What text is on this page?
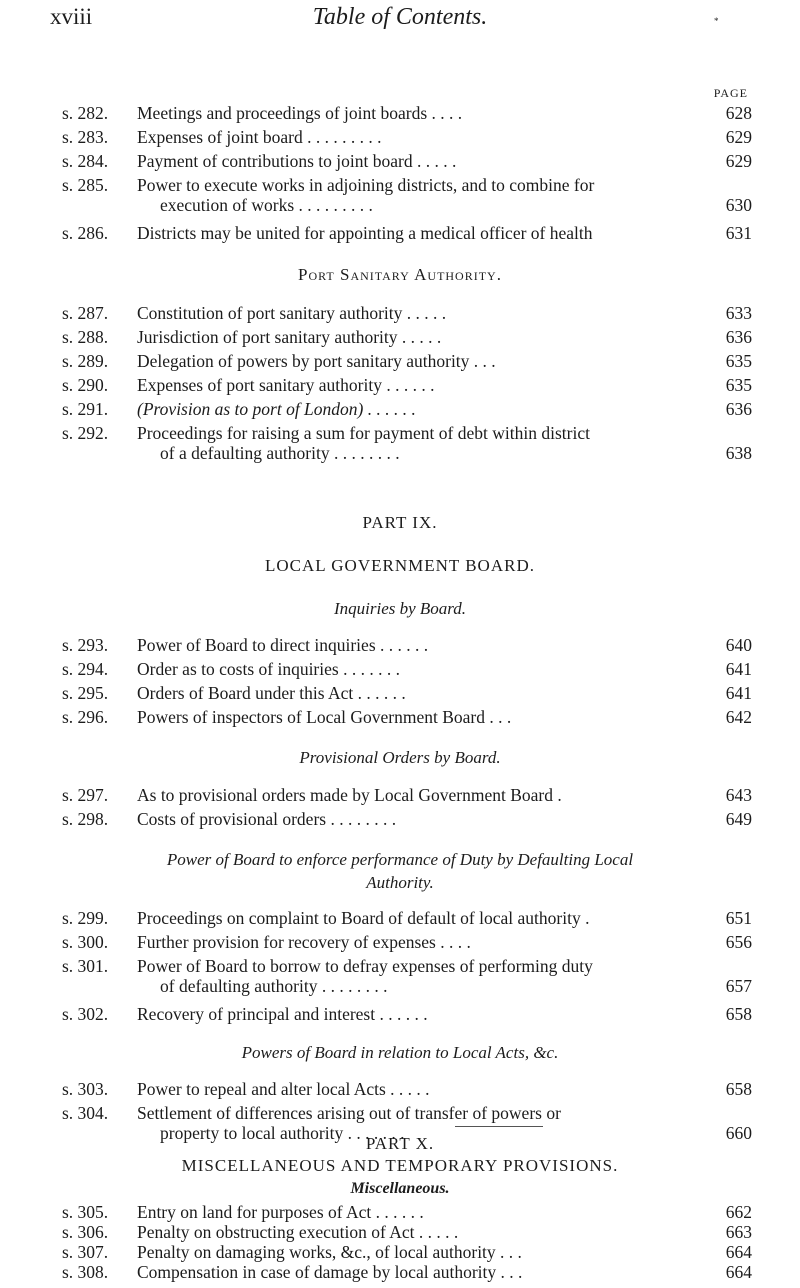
xviii	Table of Contents.	*
PAGE
s. 282. Meetings and proceedings of joint boards . . . .	628
s. 283. Expenses of joint board . . . . . . . . .	629
s. 284. Payment of contributions to joint board . . . . .	629
s. 285. Power to execute works in adjoining districts, and to combine for
execution of works . . . . . . . . .	630
s. 286. Districts may be united for appointing a medical officer of health	631
Port Sanitary Authority.
s. 287. Constitution of port sanitary authority . . . . .	633
s. 288. Jurisdiction of port sanitary authority . . . . .	636
s. 289. Delegation of powers by port sanitary authority . . .	635
s. 290. Expenses of port sanitary authority . . . . . .	635
s. 291. (Provision as to port of London) . . . . . .	636
s. 292. Proceedings for raising a sum for payment of debt within district
of a defaulting authority . . . . . . . .	638
PART IX.
LOCAL GOVERNMENT BOARD.
Inquiries by Board.
s. 293. Power of Board to direct inquiries . . . . . .	640
s. 294. Order as to costs of inquiries . . . . . . .	641
s. 295. Orders of Board under this Act . . . . . .	641
s. 296. Powers of inspectors of Local Government Board . . .	642
Provisional Orders by Board.
s. 297. As to provisional orders made by Local Government Board .	643
s. 298. Costs of provisional orders . . . . . . . .	649
Power of Board to enforce performance of Duty by Defaulting Local
Authority.
s. 299. Proceedings on complaint to Board of default of local authority .	651
s. 300. Further provision for recovery of expenses . . . .	656
s. 301. Power of Board to borrow to defray expenses of performing duty
of defaulting authority . . . . . . . .	657
s. 302. Recovery of principal and interest . . . . . .	658
Powers of Board in relation to Local Acts, &c.
s. 303. Power to repeal and alter local Acts . . . . .	658
s. 304. Settlement of differences arising out of transfer of powers or
property to local authority . . . . . . .	660
PART X.
MISCELLANEOUS AND TEMPORARY PROVISIONS.
Miscellaneous.
s. 305. Entry on land for purposes of Act . . . . . .	662
s. 306. Penalty on obstructing execution of Act . . . . .	663
s. 307. Penalty on damaging works, &c., of local authority . . .	664
s. 308. Compensation in case of damage by local authority . . .	664
